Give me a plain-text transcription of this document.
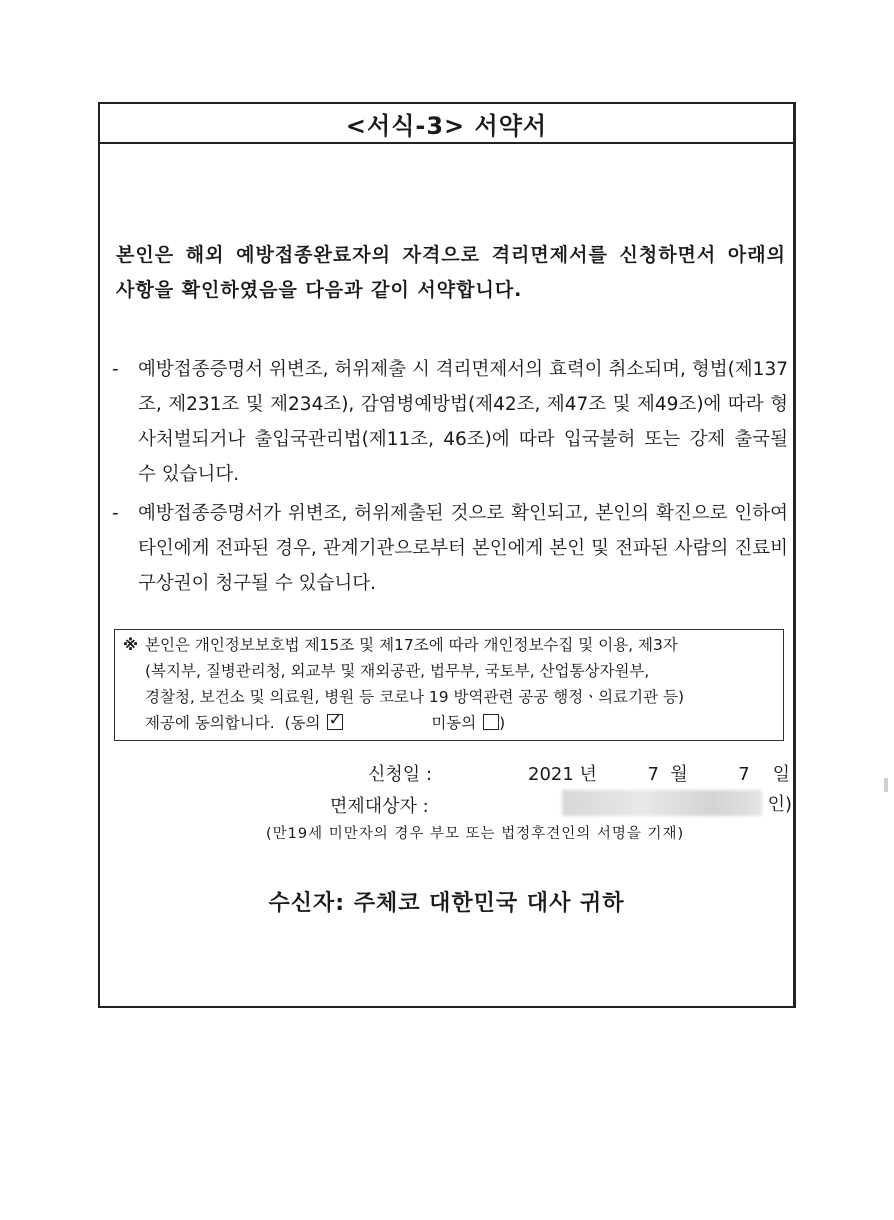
<서식-3> 서약서
본인은 해외 예방접종완료자의 자격으로 격리면제서를 신청하면서 아래의 사항을 확인하였음을 다음과 같이 서약합니다.
-	예방접종증명서 위변조, 허위제출 시 격리면제서의 효력이 취소되며, 형법(제137조, 제231조 및 제234조), 감염병예방법(제42조, 제47조 및 제49조)에 따라 형사처벌되거나 출입국관리법(제11조, 46조)에 따라 입국불허 또는 강제 출국될 수 있습니다.
-	예방접종증명서가 위변조, 허위제출된 것으로 확인되고, 본인의 확진으로 인하여 타인에게 전파된 경우, 관계기관으로부터 본인에게 본인 및 전파된 사람의 진료비 구상권이 청구될 수 있습니다.
※ 본인은 개인정보보호법 제15조 및 제17조에 따라 개인정보수집 및 이용, 제3자
(복지부, 질병관리청, 외교부 및 재외공관, 법무부, 국토부, 산업통상자원부,
경찰청, 보건소 및 의료원, 병원 등 코로나 19 방역관련 공공 행정ㆍ의료기관 등)
제공에 동의합니다. (동의 ✓	미동의 )
신청일 :	2021 년	7 월	7 일
면제대상자 :	인)
(만19세 미만자의 경우 부모 또는 법정후견인의 서명을 기재)
수신자: 주체코 대한민국 대사 귀하
